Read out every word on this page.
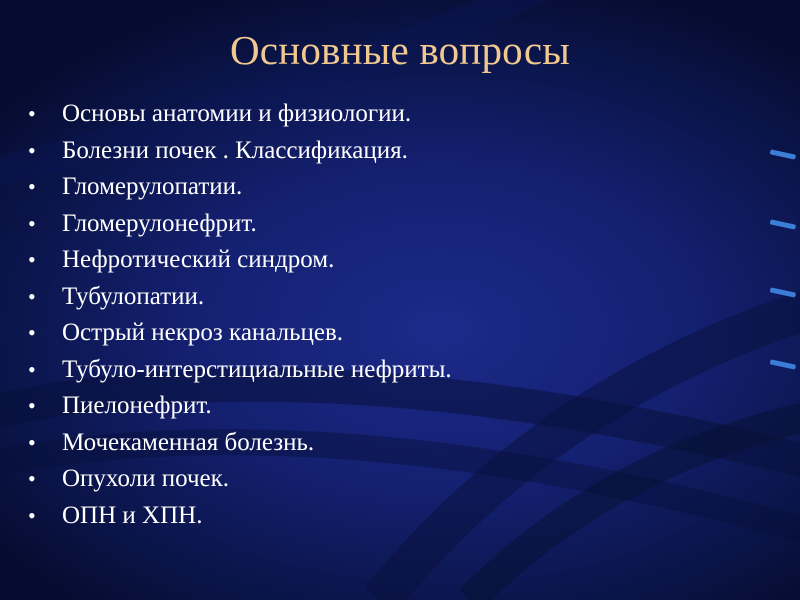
Основные вопросы
• Основы анатомии и физиологии.
• Болезни почек . Классификация.
• Гломерулопатии.
• Гломерулонефрит.
• Нефротический синдром.
• Тубулопатии.
• Острый некроз канальцев.
• Тубуло-интерстициальные нефриты.
• Пиелонефрит.
• Мочекаменная болезнь.
• Опухоли почек.
• ОПН и ХПН.
